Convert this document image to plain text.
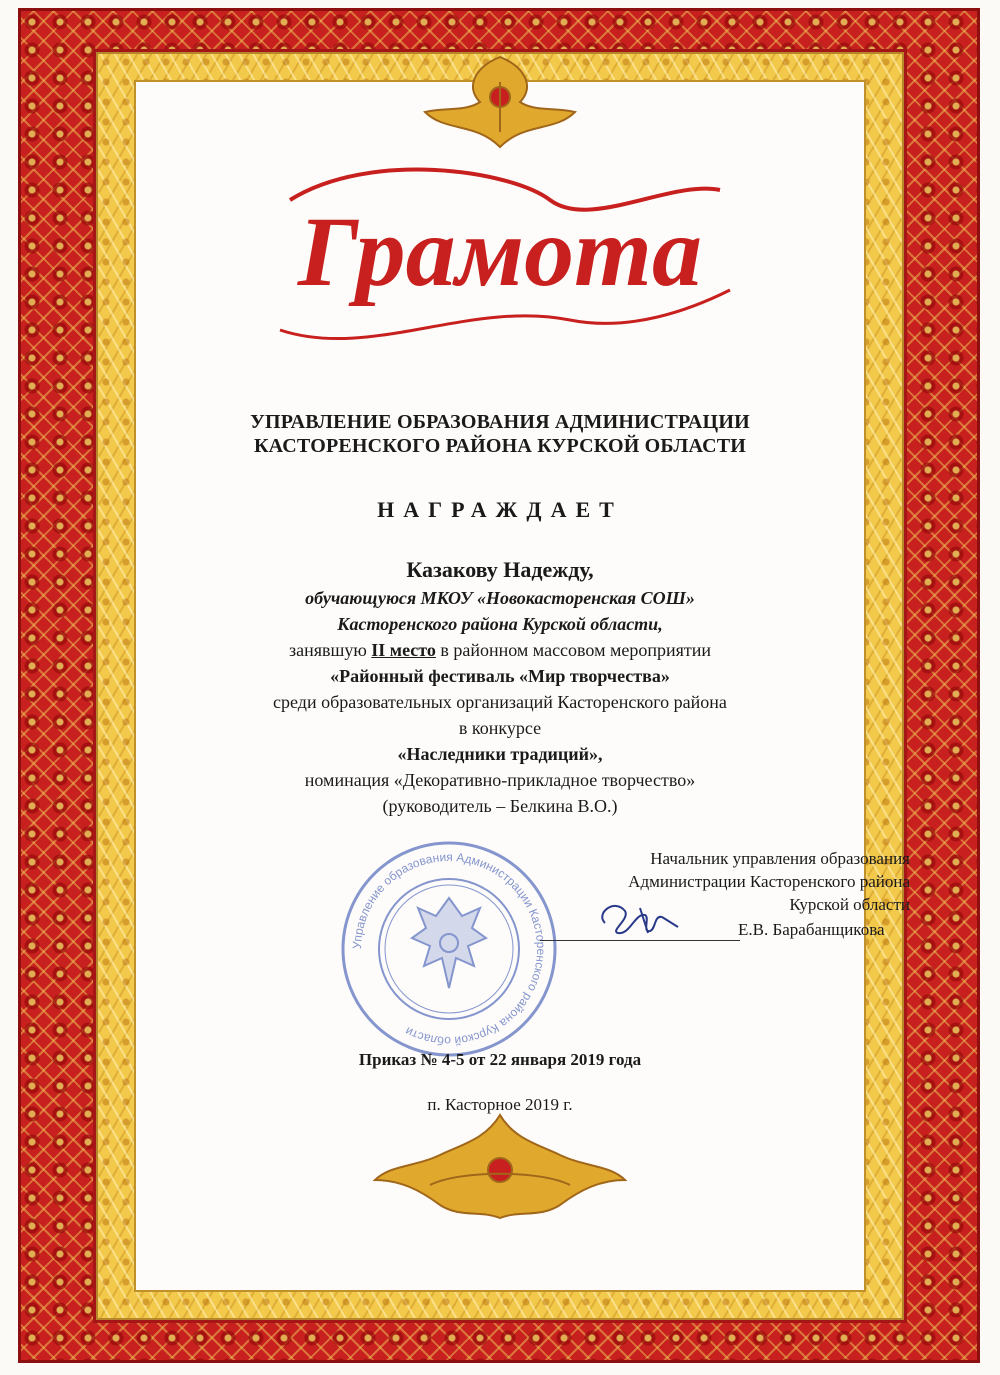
Грамота
УПРАВЛЕНИЕ ОБРАЗОВАНИЯ АДМИНИСТРАЦИИ
КАСТОРЕНСКОГО РАЙОНА КУРСКОЙ ОБЛАСТИ
НАГРАЖДАЕТ
Казакову Надежду,
обучающуюся МКОУ «Новокасторенская СОШ»
Касторенского района Курской области,
занявшую II место в районном массовом мероприятии
«Районный фестиваль «Мир творчества»
среди образовательных организаций Касторенского района
в конкурсе
«Наследники традиций»,
номинация «Декоративно-прикладное творчество»
(руководитель – Белкина В.О.)
Управление образования Администрации Касторенского района Курской области
Начальник управления образования
Администрации Касторенского района
Курской области
Е.В. Барабанщикова
Приказ № 4-5 от 22 января 2019 года
п. Касторное 2019 г.
